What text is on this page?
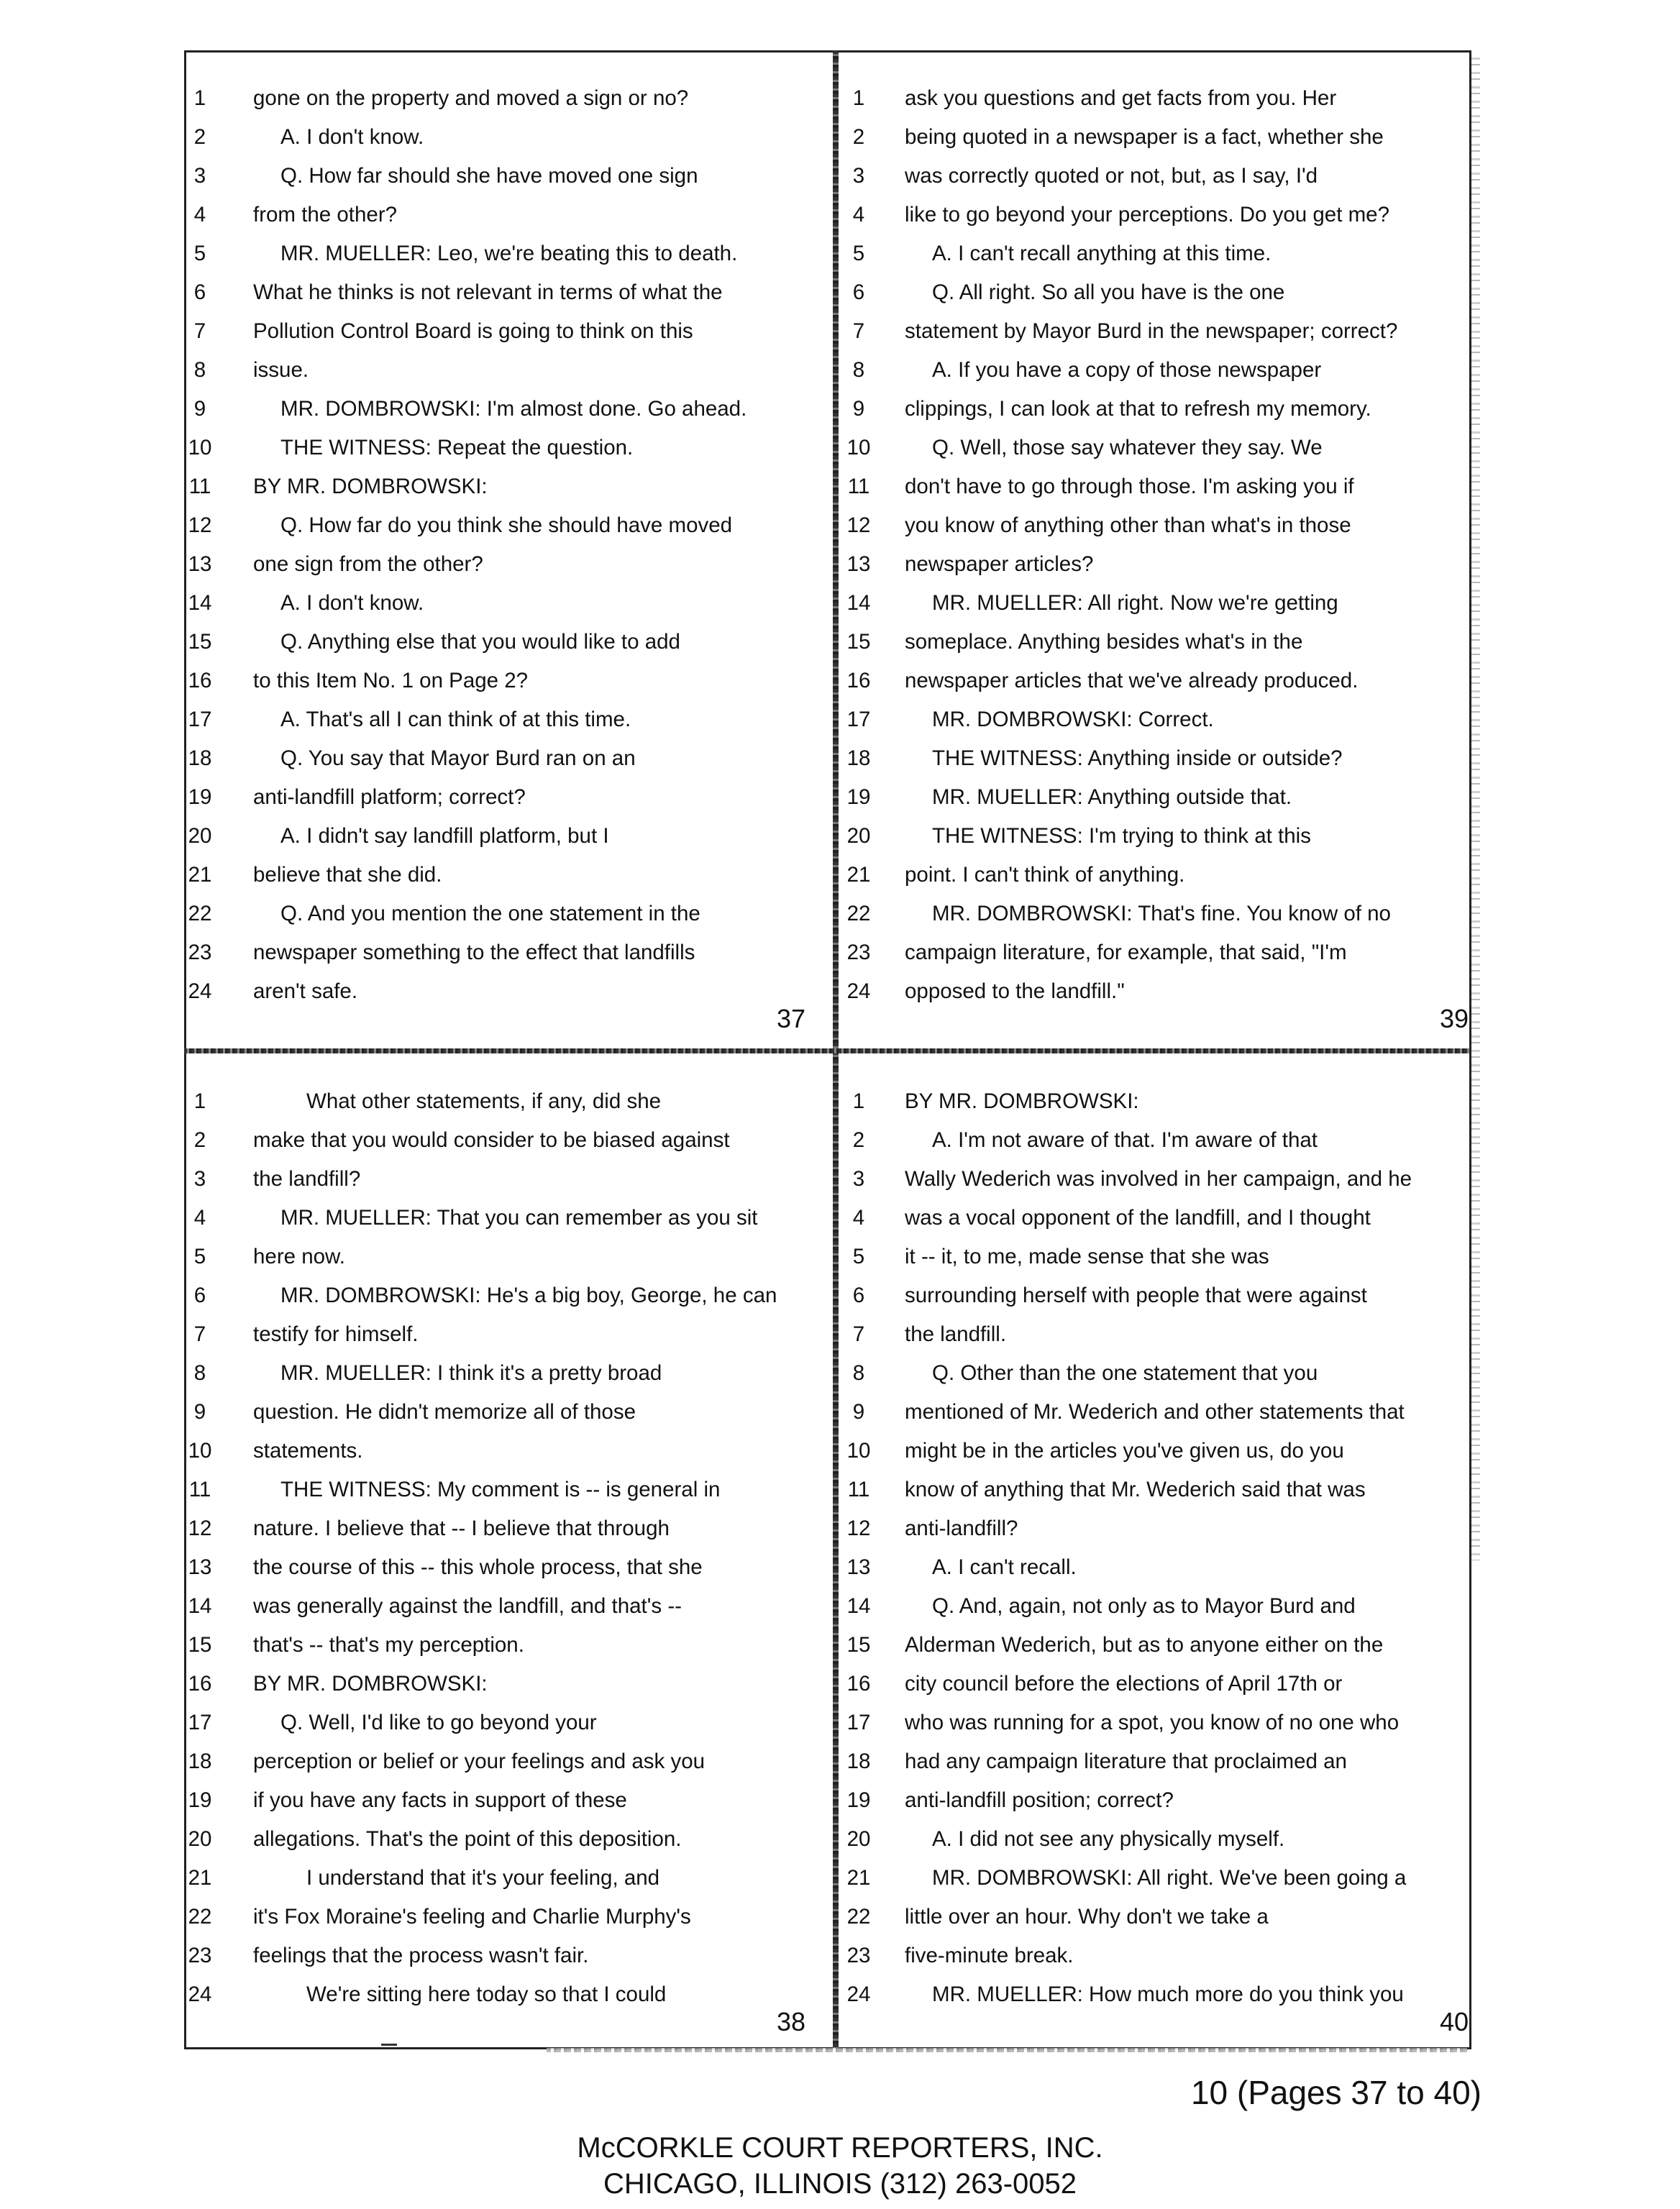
37
1	gone on the property and moved a sign or no?
2	A. I don't know.
3	Q. How far should she have moved one sign
4	from the other?
5	MR. MUELLER: Leo, we're beating this to death.
6	What he thinks is not relevant in terms of what the
7	Pollution Control Board is going to think on this
8	issue.
9	MR. DOMBROWSKI: I'm almost done. Go ahead.
10	THE WITNESS: Repeat the question.
11 BY MR. DOMBROWSKI:
12	Q. How far do you think she should have moved
13 one sign from the other?
14	A. I don't know.
15	Q. Anything else that you would like to add
16 to this Item No. 1 on Page 2?
17	A. That's all I can think of at this time.
18	Q. You say that Mayor Burd ran on an
19 anti-landfill platform; correct?
20	A. I didn't say landfill platform, but I
21 believe that she did.
22	Q. And you mention the one statement in the
23 newspaper something to the effect that landfills
24 aren't safe.
39
1	ask you questions and get facts from you. Her
2	being quoted in a newspaper is a fact, whether she
3	was correctly quoted or not, but, as I say, I'd
4	like to go beyond your perceptions. Do you get me?
5	A. I can't recall anything at this time.
6	Q. All right. So all you have is the one
7	statement by Mayor Burd in the newspaper; correct?
8	A. If you have a copy of those newspaper
9	clippings, I can look at that to refresh my memory.
10	Q. Well, those say whatever they say. We
11 don't have to go through those. I'm asking you if
12 you know of anything other than what's in those
13 newspaper articles?
14	MR. MUELLER: All right. Now we're getting
15 someplace. Anything besides what's in the
16 newspaper articles that we've already produced.
17	MR. DOMBROWSKI: Correct.
18	THE WITNESS: Anything inside or outside?
19	MR. MUELLER: Anything outside that.
20	THE WITNESS: I'm trying to think at this
21 point. I can't think of anything.
22	MR. DOMBROWSKI: That's fine. You know of no
23 campaign literature, for example, that said, "I'm
24 opposed to the landfill."
38
1	What other statements, if any, did she
2	make that you would consider to be biased against
3	the landfill?
4	MR. MUELLER: That you can remember as you sit
5	here now.
6	MR. DOMBROWSKI: He's a big boy, George, he can
7	testify for himself.
8	MR. MUELLER: I think it's a pretty broad
9	question. He didn't memorize all of those
10 statements.
11	THE WITNESS: My comment is -- is general in
12 nature. I believe that -- I believe that through
13 the course of this -- this whole process, that she
14 was generally against the landfill, and that's --
15 that's -- that's my perception.
16 BY MR. DOMBROWSKI:
17	Q. Well, I'd like to go beyond your
18 perception or belief or your feelings and ask you
19 if you have any facts in support of these
20 allegations. That's the point of this deposition.
21	I understand that it's your feeling, and
22 it's Fox Moraine's feeling and Charlie Murphy's
23 feelings that the process wasn't fair.
24	We're sitting here today so that I could
40
1	BY MR. DOMBROWSKI:
2	A. I'm not aware of that. I'm aware of that
3	Wally Wederich was involved in her campaign, and he
4	was a vocal opponent of the landfill, and I thought
5	it -- it, to me, made sense that she was
6	surrounding herself with people that were against
7	the landfill.
8	Q. Other than the one statement that you
9	mentioned of Mr. Wederich and other statements that
10 might be in the articles you've given us, do you
11 know of anything that Mr. Wederich said that was
12 anti-landfill?
13	A. I can't recall.
14	Q. And, again, not only as to Mayor Burd and
15 Alderman Wederich, but as to anyone either on the
16 city council before the elections of April 17th or
17 who was running for a spot, you know of no one who
18 had any campaign literature that proclaimed an
19 anti-landfill position; correct?
20	A. I did not see any physically myself.
21	MR. DOMBROWSKI: All right. We've been going a
22 little over an hour. Why don't we take a
23 five-minute break.
24	MR. MUELLER: How much more do you think you
10 (Pages 37 to 40)
McCORKLE COURT REPORTERS, INC.
CHICAGO, ILLINOIS (312) 263-0052
